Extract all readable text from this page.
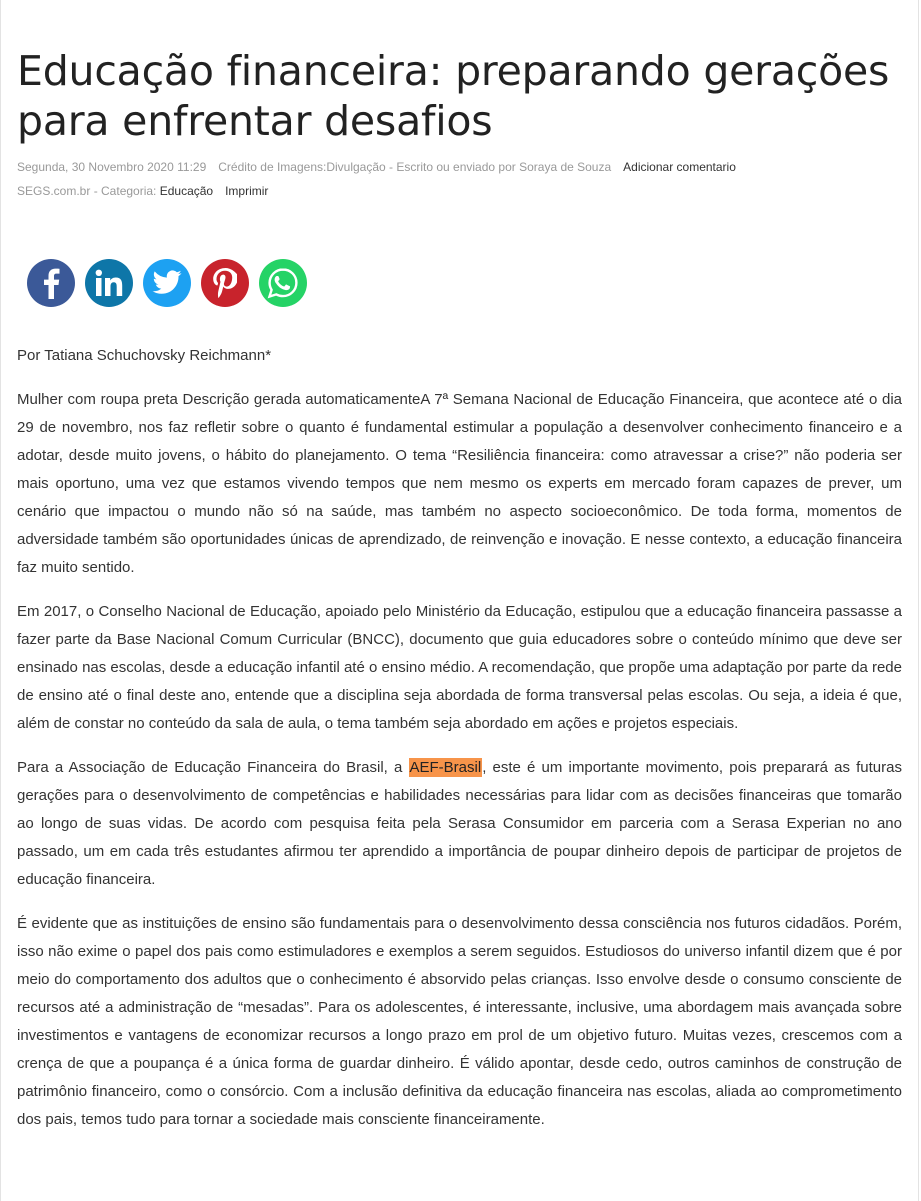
Educação financeira: preparando gerações para enfrentar desafios
Segunda, 30 Novembro 2020 11:29 Crédito de Imagens:Divulgação - Escrito ou enviado por Soraya de Souza Adicionar comentario
SEGS.com.br - Categoria: Educação Imprimir

Por Tatiana Schuchovsky Reichmann*

Mulher com roupa preta Descrição gerada automaticamenteA 7ª Semana Nacional de Educação Financeira, que acontece até o dia 29 de novembro, nos faz refletir sobre o quanto é fundamental estimular a população a desenvolver conhecimento financeiro e a adotar, desde muito jovens, o hábito do planejamento. O tema “Resiliência financeira: como atravessar a crise?” não poderia ser mais oportuno, uma vez que estamos vivendo tempos que nem mesmo os experts em mercado foram capazes de prever, um cenário que impactou o mundo não só na saúde, mas também no aspecto socioeconômico. De toda forma, momentos de adversidade também são oportunidades únicas de aprendizado, de reinvenção e inovação. E nesse contexto, a educação financeira faz muito sentido.

Em 2017, o Conselho Nacional de Educação, apoiado pelo Ministério da Educação, estipulou que a educação financeira passasse a fazer parte da Base Nacional Comum Curricular (BNCC), documento que guia educadores sobre o conteúdo mínimo que deve ser ensinado nas escolas, desde a educação infantil até o ensino médio. A recomendação, que propõe uma adaptação por parte da rede de ensino até o final deste ano, entende que a disciplina seja abordada de forma transversal pelas escolas. Ou seja, a ideia é que, além de constar no conteúdo da sala de aula, o tema também seja abordado em ações e projetos especiais.

Para a Associação de Educação Financeira do Brasil, a AEF-Brasil, este é um importante movimento, pois preparará as futuras gerações para o desenvolvimento de competências e habilidades necessárias para lidar com as decisões financeiras que tomarão ao longo de suas vidas. De acordo com pesquisa feita pela Serasa Consumidor em parceria com a Serasa Experian no ano passado, um em cada três estudantes afirmou ter aprendido a importância de poupar dinheiro depois de participar de projetos de educação financeira.

É evidente que as instituições de ensino são fundamentais para o desenvolvimento dessa consciência nos futuros cidadãos. Porém, isso não exime o papel dos pais como estimuladores e exemplos a serem seguidos. Estudiosos do universo infantil dizem que é por meio do comportamento dos adultos que o conhecimento é absorvido pelas crianças. Isso envolve desde o consumo consciente de recursos até a administração de “mesadas”. Para os adolescentes, é interessante, inclusive, uma abordagem mais avançada sobre investimentos e vantagens de economizar recursos a longo prazo em prol de um objetivo futuro. Muitas vezes, crescemos com a crença de que a poupança é a única forma de guardar dinheiro. É válido apontar, desde cedo, outros caminhos de construção de patrimônio financeiro, como o consórcio. Com a inclusão definitiva da educação financeira nas escolas, aliada ao comprometimento dos pais, temos tudo para tornar a sociedade mais consciente financeiramente.
